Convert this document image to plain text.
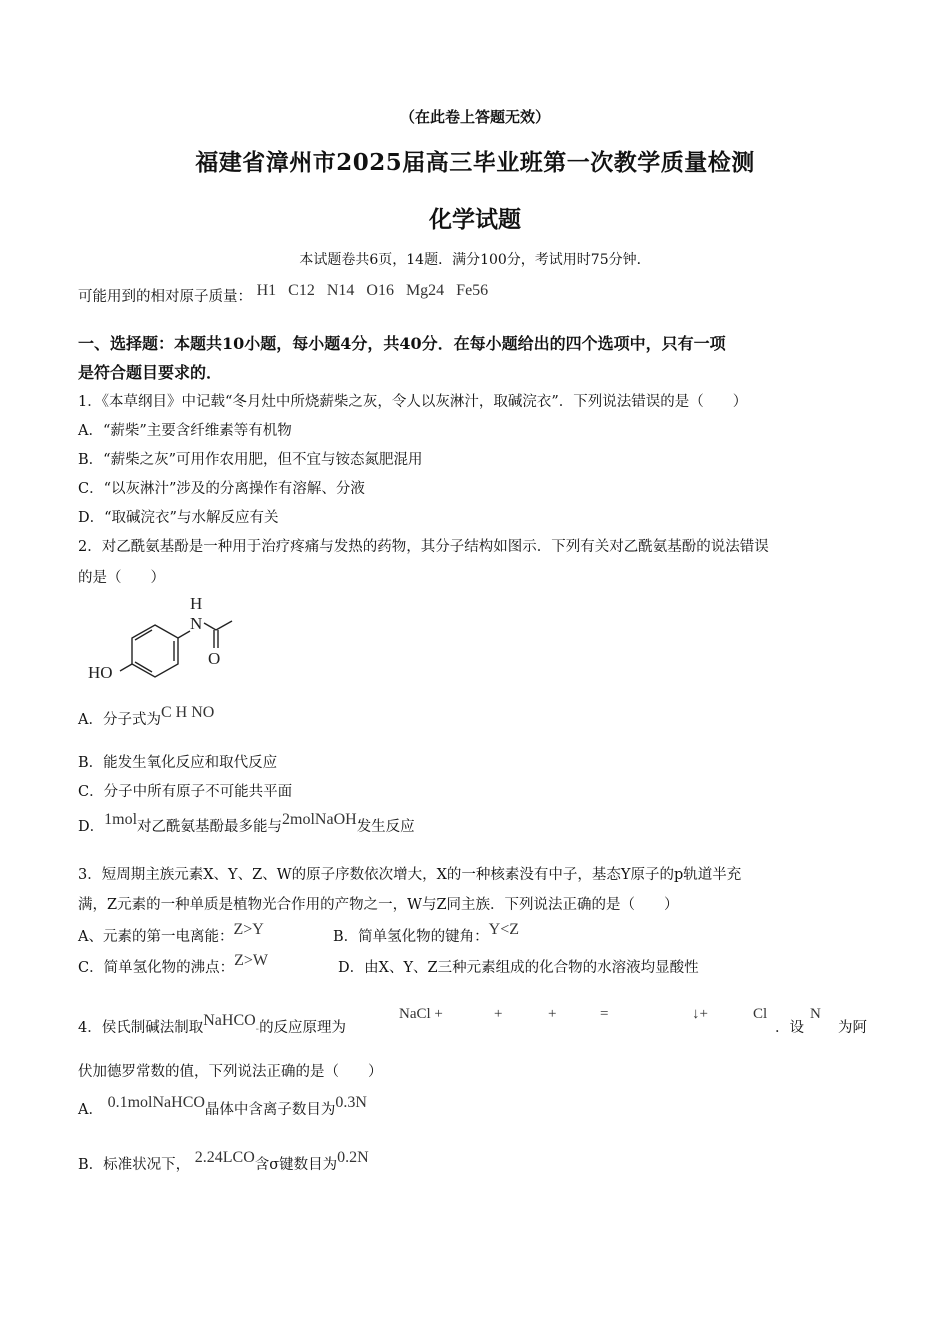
（在此卷上答题无效）
福建省漳州市2025届高三毕业班第一次教学质量检测
化学试题
本试题卷共6页，14题．满分100分，考试用时75分钟．
可能用到的相对原子质量： H1   C12   N14   O16   Mg24   Fe56
一、选择题：本题共10小题，每小题4分，共40分．在每小题给出的四个选项中，只有一项
是符合题目要求的．
1．《本草纲目》中记载“冬月灶中所烧薪柴之灰，令人以灰淋汁，取碱浣衣”．下列说法错误的是（　　）
A．“薪柴”主要含纤维素等有机物
B．“薪柴之灰”可用作农用肥，但不宜与铵态氮肥混用
C．“以灰淋汁”涉及的分离操作有溶解、分液
D．“取碱浣衣”与水解反应有关
2．对乙酰氨基酚是一种用于治疗疼痛与发热的药物，其分子结构如图示．下列有关对乙酰氨基酚的说法错误
的是（　　）
H
N
O
HO
A．分子式为C H NO
B．能发生氧化反应和取代反应
C．分子中所有原子不可能共平面
D．1mol对乙酰氨基酚最多能与2molNaOH发生反应
3．短周期主族元素X、Y、Z、W的原子序数依次增大，X的一种核素没有中子，基态Y原子的p轨道半充
满，Z元素的一种单质是植物光合作用的产物之一，W与Z同主族．下列说法正确的是（　　）
A、元素的第一电离能：Z>Y	B．简单氢化物的键角：Y<Z
C．简单氢化物的沸点：Z>W	D．由X、Y、Z三种元素组成的化合物的水溶液均显酸性
4．侯氏制碱法制取NaHCO-的反应原理为
NaCl +	+	+	=	↓+	Cl
．设
N
为阿
伏加德罗常数的值，下列说法正确的是（　　）
A． 0.1molNaHCO晶体中含离子数目为0.3N
B．标准状况下， 2.24LCO含σ键数目为0.2N
